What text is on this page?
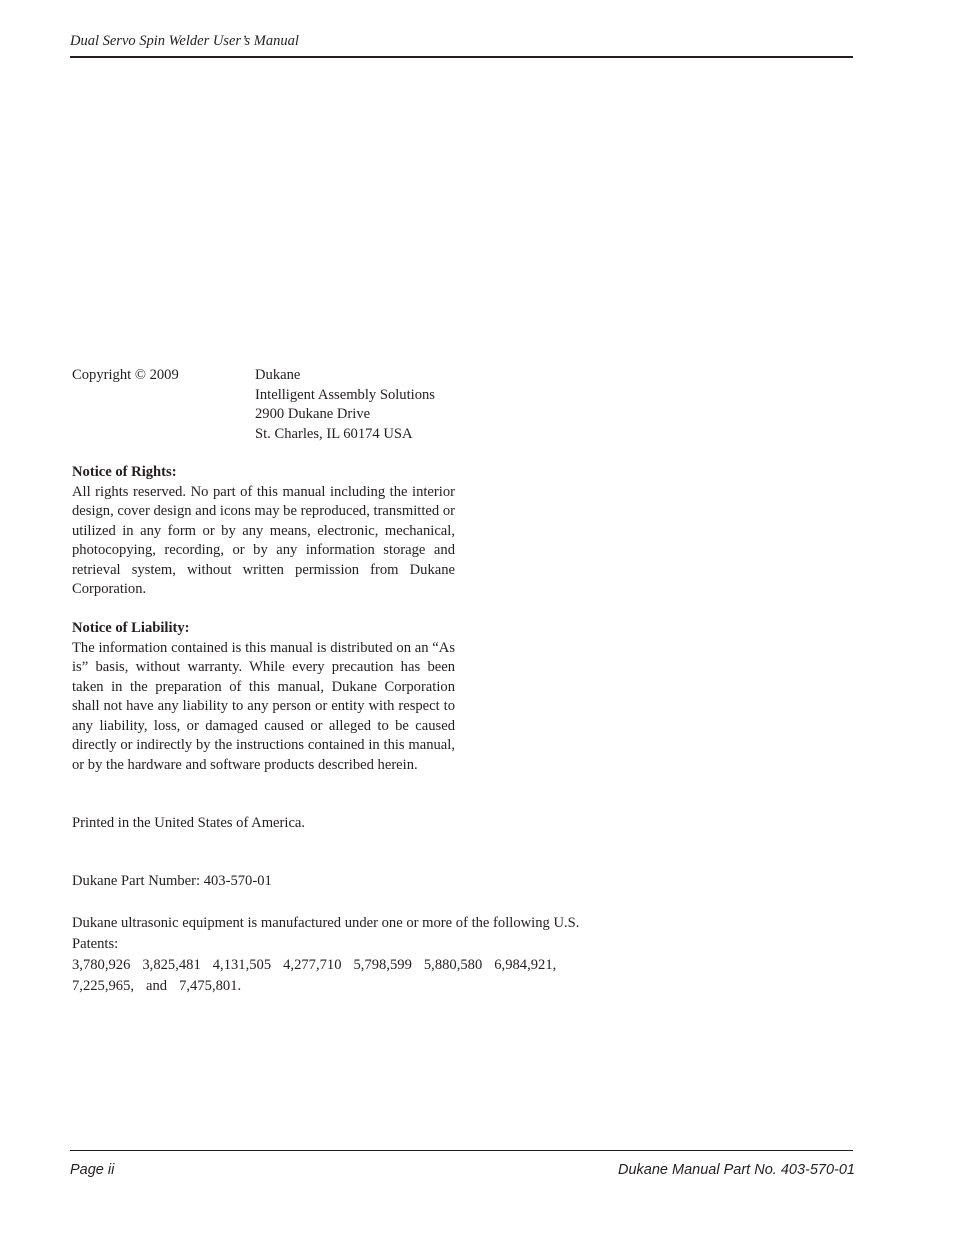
Dual Servo Spin Welder User’s Manual
Copyright © 2009	Dukane
Intelligent Assembly Solutions
2900 Dukane Drive
St. Charles, IL 60174 USA
Notice of Rights:

All rights reserved. No part of this manual including the interior design, cover design and icons may be reproduced, transmitted or utilized in any form or by any means, electronic, mechanical, photocopying, recording, or by any information storage and retrieval system, without written permission from Dukane Corporation.

Notice of Liability:

The information contained is this manual is distributed on an “As is” basis, without warranty. While every precaution has been taken in the preparation of this manual, Dukane Corporation shall not have any liability to any person or entity with respect to any liability, loss, or damaged caused or alleged to be caused directly or indirectly by the instructions contained in this manual, or by the hardware and software products described herein.

Printed in the United States of America.
Dukane Part Number: 403-570-01
Dukane ultrasonic equipment is manufactured under one or more of the following U.S. Patents:
3,780,926 3,825,481 4,131,505 4,277,710 5,798,599 5,880,580 6,984,921,
7,225,965, and 7,475,801.
Page ii	Dukane Manual Part No. 403-570-01
